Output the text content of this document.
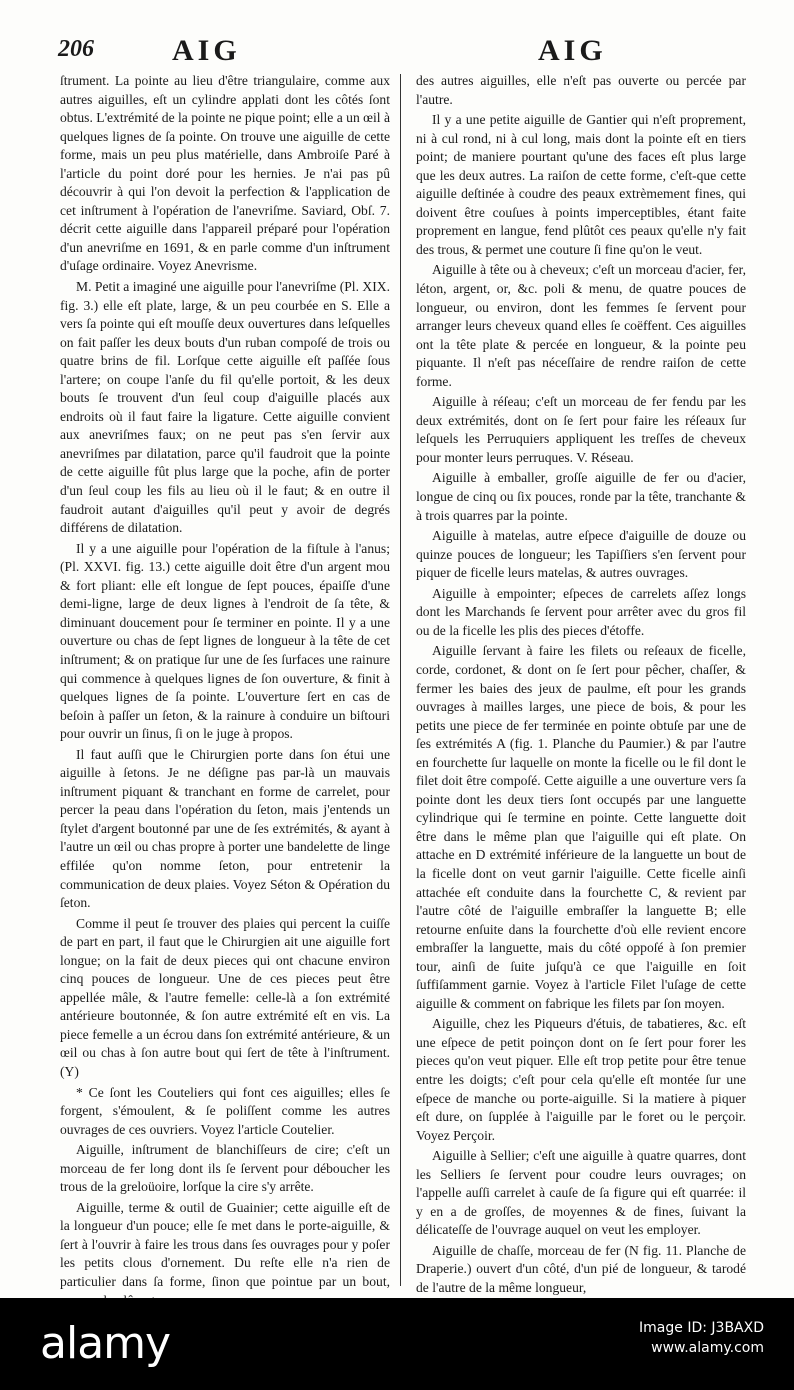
206	AIG	AIG

ſtrument. La pointe au lieu d'être triangulaire, comme aux autres aiguilles, eſt un cylindre applati dont les côtés ſont obtus. L'extrémité de la pointe ne pique point; elle a un œil à quelques lignes de ſa pointe. On trouve une aiguille de cette forme, mais un peu plus matérielle, dans Ambroiſe Paré à l'article du point doré pour les hernies. Je n'ai pas pû découvrir à qui l'on devoit la perfection & l'application de cet inſtrument à l'opération de l'anevriſme. Saviard, Obſ. 7. décrit cette aiguille dans l'appareil préparé pour l'opération d'un anevriſme en 1691, & en parle comme d'un inſtrument d'uſage ordinaire. Voyez Anevrisme.

M. Petit a imaginé une aiguille pour l'anevriſme (Pl. XIX. fig. 3.) elle eſt plate, large, & un peu courbée en S. Elle a vers ſa pointe qui eſt mouſſe deux ouvertures dans leſquelles on fait paſſer les deux bouts d'un ruban compoſé de trois ou quatre brins de fil. Lorſque cette aiguille eſt paſſée ſous l'artere; on coupe l'anſe du fil qu'elle portoit, & les deux bouts ſe trouvent d'un ſeul coup d'aiguille placés aux endroits où il faut faire la ligature. Cette aiguille convient aux anevriſmes faux; on ne peut pas s'en ſervir aux anevriſmes par dilatation, parce qu'il faudroit que la pointe de cette aiguille fût plus large que la poche, afin de porter d'un ſeul coup les fils au lieu où il le faut; & en outre il faudroit autant d'aiguilles qu'il peut y avoir de degrés différens de dilatation.

Il y a une aiguille pour l'opération de la fiſtule à l'anus; (Pl. XXVI. fig. 13.) cette aiguille doit être d'un argent mou & fort pliant: elle eſt longue de ſept pouces, épaiſſe d'une demi-ligne, large de deux lignes à l'endroit de ſa tête, & diminuant doucement pour ſe terminer en pointe. Il y a une ouverture ou chas de ſept lignes de longueur à la tête de cet inſtrument; & on pratique ſur une de ſes ſurfaces une rainure qui commence à quelques lignes de ſon ouverture, & finit à quelques lignes de ſa pointe. L'ouverture ſert en cas de beſoin à paſſer un ſeton, & la rainure à conduire un biſtouri pour ouvrir un ſinus, ſi on le juge à propos.

Il faut auſſi que le Chirurgien porte dans ſon étui une aiguille à ſetons. Je ne déſigne pas par-là un mauvais inſtrument piquant & tranchant en forme de carrelet, pour percer la peau dans l'opération du ſeton, mais j'entends un ſtylet d'argent boutonné par une de ſes extrémités, & ayant à l'autre un œil ou chas propre à porter une bandelette de linge effilée qu'on nomme ſeton, pour entretenir la communication de deux plaies. Voyez Séton & Opération du ſeton.

Comme il peut ſe trouver des plaies qui percent la cuiſſe de part en part, il faut que le Chirurgien ait une aiguille fort longue; on la fait de deux pieces qui ont chacune environ cinq pouces de longueur. Une de ces pieces peut être appellée mâle, & l'autre femelle: celle-là a ſon extrémité antérieure boutonnée, & ſon autre extrémité eſt en vis. La piece femelle a un écrou dans ſon extrémité antérieure, & un œil ou chas à ſon autre bout qui ſert de tête à l'inſtrument. (Y)

* Ce ſont les Couteliers qui font ces aiguilles; elles ſe forgent, s'émoulent, & ſe poliſſent comme les autres ouvrages de ces ouvriers. Voyez l'article Coutelier.

Aiguille, inſtrument de blanchiſſeurs de cire; c'eſt un morceau de fer long dont ils ſe ſervent pour déboucher les trous de la greloüoire, lorſque la cire s'y arrête.

Aiguille, terme & outil de Guainier; cette aiguille eſt de la longueur d'un pouce; elle ſe met dans le porte-aiguille, & ſert à l'ouvrir à faire les trous dans ſes ouvrages pour y poſer les petits clous d'ornement. Du reſte elle n'a rien de particulier dans ſa forme, ſinon que pointue par un bout,

des autres aiguilles, elle n'eſt pas ouverte ou percée par l'autre.

Il y a une petite aiguille de Gantier qui n'eſt proprement, ni à cul rond, ni à cul long, mais dont la pointe eſt en tiers point; de maniere pourtant qu'une des faces eſt plus large que les deux autres. La raiſon de cette forme, c'eſt-que cette aiguille deſtinée à coudre des peaux extrèmement fines, qui doivent être couſues à points imperceptibles, étant faite proprement en langue, fend plûtôt ces peaux qu'elle n'y fait des trous, & permet une couture ſi fine qu'on le veut.

Aiguille à tête ou à cheveux; c'eſt un morceau d'acier, fer, léton, argent, or, &c. poli & menu, de quatre pouces de longueur, ou environ, dont les femmes ſe ſervent pour arranger leurs cheveux quand elles ſe coëffent. Ces aiguilles ont la tête plate & percée en longueur, & la pointe peu piquante. Il n'eſt pas néceſſaire de rendre raiſon de cette forme.

Aiguille à réſeau; c'eſt un morceau de fer fendu par les deux extrémités, dont on ſe ſert pour faire les réſeaux ſur leſquels les Perruquiers appliquent les treſſes de cheveux pour monter leurs perruques. V. Réseau.

Aiguille à emballer, groſſe aiguille de fer ou d'acier, longue de cinq ou ſix pouces, ronde par la tête, tranchante & à trois quarres par la pointe.

Aiguille à matelas, autre eſpece d'aiguille de douze ou quinze pouces de longueur; les Tapiſſiers s'en ſervent pour piquer de ficelle leurs matelas, & autres ouvrages.

Aiguille à empointer; eſpeces de carrelets aſſez longs dont les Marchands ſe ſervent pour arrêter avec du gros fil ou de la ficelle les plis des pieces d'étoffe.

Aiguille ſervant à faire les filets ou reſeaux de ficelle, corde, cordonet, & dont on ſe ſert pour pêcher, chaſſer, & fermer les baies des jeux de paulme, eſt pour les grands ouvrages à mailles larges, une piece de bois, & pour les petits une piece de fer terminée en pointe obtuſe par une de ſes extrémités A (fig. 1. Planche du Paumier.) & par l'autre en fourchette ſur laquelle on monte la ficelle ou le fil dont le filet doit être compoſé. Cette aiguille a une ouverture vers ſa pointe dont les deux tiers ſont occupés par une languette cylindrique qui ſe termine en pointe. Cette languette doit être dans le même plan que l'aiguille qui eſt plate. On attache en D extrémité inférieure de la languette un bout de la ficelle dont on veut garnir l'aiguille. Cette ficelle ainſi attachée eſt conduite dans la fourchette C, & revient par l'autre côté de l'aiguille embraſſer la languette B; elle retourne enſuite dans la fourchette d'où elle revient encore embraſſer la languette, mais du côté oppoſé à ſon premier tour, ainſi de ſuite juſqu'à ce que l'aiguille en ſoit ſuffiſamment garnie. Voyez à l'article Filet l'uſage de cette aiguille & comment on fabrique les filets par ſon moyen.

Aiguille, chez les Piqueurs d'étuis, de tabatieres, &c. eſt une eſpece de petit poinçon dont on ſe ſert pour forer les pieces qu'on veut piquer. Elle eſt trop petite pour être tenue entre les doigts; c'eſt pour cela qu'elle eſt montée ſur une eſpece de manche ou porte-aiguille. Si la matiere à piquer eſt dure, on ſupplée à l'aiguille par le foret ou le perçoir. Voyez Perçoir.

Aiguille à Sellier; c'eſt une aiguille à quatre quarres, dont les Selliers ſe ſervent pour coudre leurs ouvrages; on l'appelle auſſi carrelet à cauſe de ſa figure qui eſt quarrée: il y en a de groſſes, de moyennes & de fines, ſuivant la délicateſſe de l'ouvrage auquel on veut les employer.

Aiguille de chaſſe, morceau de fer (N fig. 11. Planche de Draperie.) ouvert d'un côté, d'un pié de longueur, & tarodé de l'autre de la même longueur,

alamy	Image ID: J3BAXD
www.alamy.com
